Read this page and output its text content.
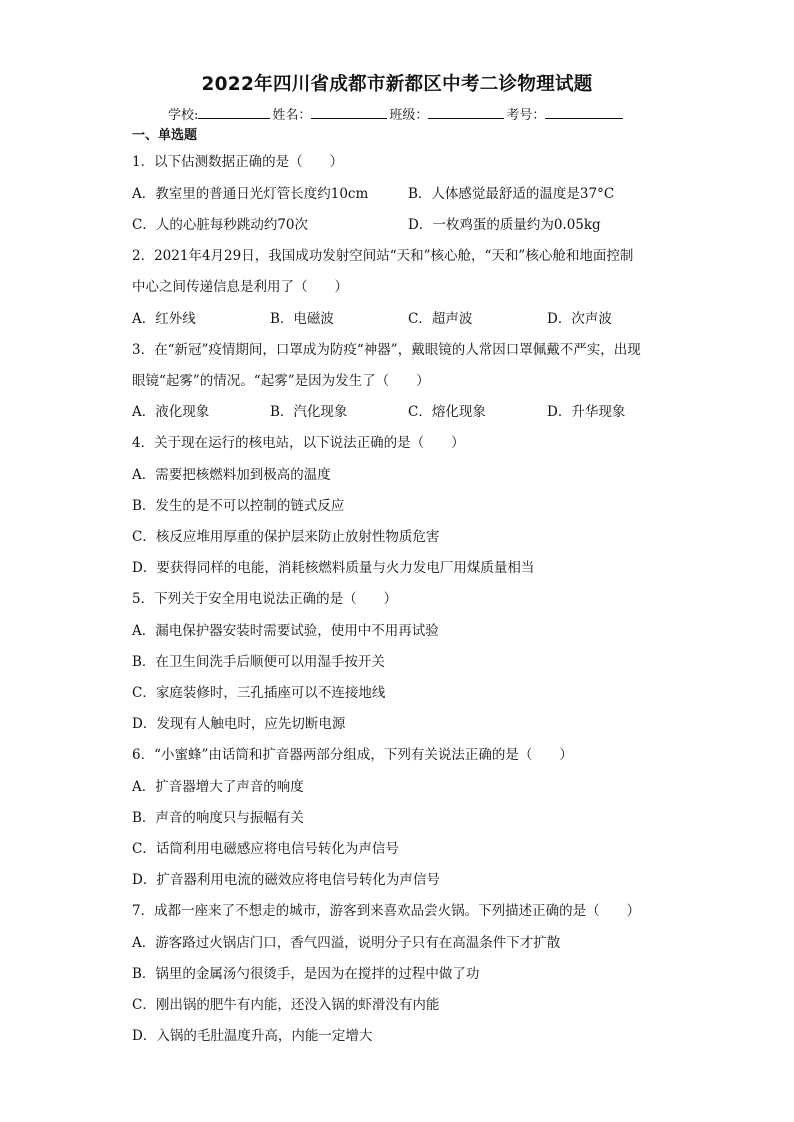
2022年四川省成都市新都区中考二诊物理试题
学校:	姓名：	班级：	考号：
一、单选题
1．以下估测数据正确的是（　　）
A．教室里的普通日光灯管长度约10cm	B．人体感觉最舒适的温度是37°C
C．人的心脏每秒跳动约70次	D．一枚鸡蛋的质量约为0.05kg
2．2021年4月29日，我国成功发射空间站“天和”核心舱，“天和”核心舱和地面控制
中心之间传递信息是利用了（　　）
A．红外线	B．电磁波	C．超声波	D．次声波
3．在“新冠”疫情期间，口罩成为防疫“神器”，戴眼镜的人常因口罩佩戴不严实，出现
眼镜“起雾”的情况。“起雾”是因为发生了（　　）
A．液化现象	B．汽化现象	C．熔化现象	D．升华现象
4．关于现在运行的核电站，以下说法正确的是（　　）
A．需要把核燃料加到极高的温度
B．发生的是不可以控制的链式反应
C．核反应堆用厚重的保护层来防止放射性物质危害
D．要获得同样的电能，消耗核燃料质量与火力发电厂用煤质量相当
5．下列关于安全用电说法正确的是（　　）
A．漏电保护器安装时需要试验，使用中不用再试验
B．在卫生间洗手后顺便可以用湿手按开关
C．家庭装修时，三孔插座可以不连接地线
D．发现有人触电时，应先切断电源
6．“小蜜蜂”由话筒和扩音器两部分组成，下列有关说法正确的是（　　）
A．扩音器增大了声音的响度
B．声音的响度只与振幅有关
C．话筒利用电磁感应将电信号转化为声信号
D．扩音器利用电流的磁效应将电信号转化为声信号
7．成都一座来了不想走的城市，游客到来喜欢品尝火锅。下列描述正确的是（　　）
A．游客路过火锅店门口，香气四溢，说明分子只有在高温条件下才扩散
B．锅里的金属汤勺很烫手，是因为在搅拌的过程中做了功
C．刚出锅的肥牛有内能，还没入锅的虾滑没有内能
D．入锅的毛肚温度升高，内能一定增大
